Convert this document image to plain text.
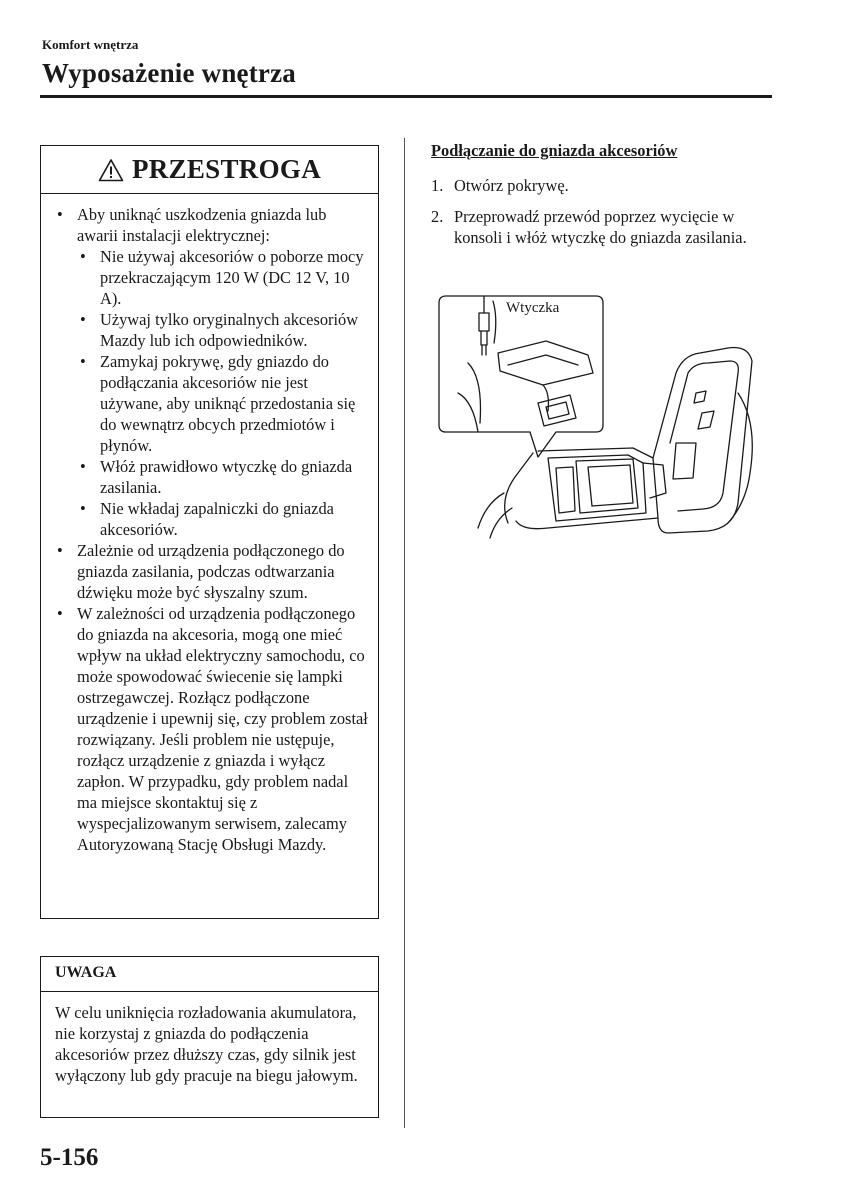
Komfort wnętrza
Wyposażenie wnętrza
PRZESTROGA
• Aby uniknąć uszkodzenia gniazda lub awarii instalacji elektrycznej:
• Nie używaj akcesoriów o poborze mocy przekraczającym 120 W (DC 12 V, 10 A).
• Używaj tylko oryginalnych akcesoriów Mazdy lub ich odpowiedników.
• Zamykaj pokrywę, gdy gniazdo do podłączania akcesoriów nie jest używane, aby uniknąć przedostania się do wewnątrz obcych przedmiotów i płynów.
• Włóż prawidłowo wtyczkę do gniazda zasilania.
• Nie wkładaj zapalniczki do gniazda akcesoriów.
• Zależnie od urządzenia podłączonego do gniazda zasilania, podczas odtwarzania dźwięku może być słyszalny szum.
• W zależności od urządzenia podłączonego do gniazda na akcesoria, mogą one mieć wpływ na układ elektryczny samochodu, co może spowodować świecenie się lampki ostrzegawczej. Rozłącz podłączone urządzenie i upewnij się, czy problem został rozwiązany. Jeśli problem nie ustępuje, rozłącz urządzenie z gniazda i wyłącz zapłon. W przypadku, gdy problem nadal ma miejsce skontaktuj się z wyspecjalizowanym serwisem, zalecamy Autoryzowaną Stację Obsługi Mazdy.
UWAGA
W celu uniknięcia rozładowania akumulatora, nie korzystaj z gniazda do podłączenia akcesoriów przez dłuższy czas, gdy silnik jest wyłączony lub gdy pracuje na biegu jałowym.
Podłączanie do gniazda akcesoriów
1. Otwórz pokrywę.
2. Przeprowadź przewód poprzez wycięcie w konsoli i włóż wtyczkę do gniazda zasilania.
Wtyczka
5-156
